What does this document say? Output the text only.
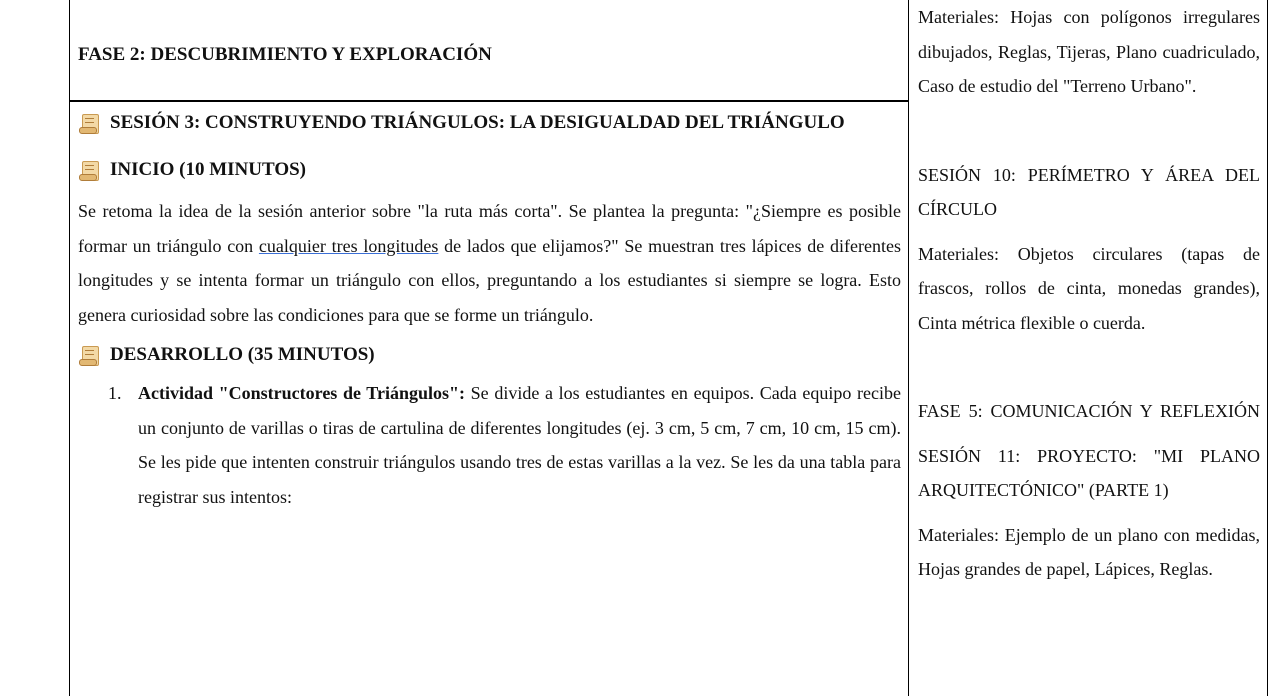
FASE 2: DESCUBRIMIENTO Y EXPLORACIÓN

SESIÓN 3: CONSTRUYENDO TRIÁNGULOS: LA DESIGUALDAD DEL TRIÁNGULO
INICIO (10 MINUTOS)

Se retoma la idea de la sesión anterior sobre "la ruta más corta". Se plantea la pregunta: "¿Siempre es posible formar un triángulo con cualquier tres longitudes de lados que elijamos?" Se muestran tres lápices de diferentes longitudes y se intenta formar un triángulo con ellos, preguntando a los estudiantes si siempre se logra. Esto genera curiosidad sobre las condiciones para que se forme un triángulo.

DESARROLLO (35 MINUTOS)
1. Actividad "Constructores de Triángulos": Se divide a los estudiantes en equipos. Cada equipo recibe un conjunto de varillas o tiras de cartulina de diferentes longitudes (ej. 3 cm, 5 cm, 7 cm, 10 cm, 15 cm). Se les pide que intenten construir triángulos usando tres de estas varillas a la vez. Se les da una tabla para registrar sus intentos:

Materiales: Hojas con polígonos irregulares dibujados, Reglas, Tijeras, Plano cuadriculado, Caso de estudio del "Terreno Urbano".

SESIÓN 10: PERÍMETRO Y ÁREA DEL CÍRCULO

Materiales: Objetos circulares (tapas de frascos, rollos de cinta, monedas grandes), Cinta métrica flexible o cuerda.

FASE 5: COMUNICACIÓN Y REFLEXIÓN

SESIÓN 11: PROYECTO: "MI PLANO ARQUITECTÓNICO" (PARTE 1)

Materiales: Ejemplo de un plano con medidas, Hojas grandes de papel, Lápices, Reglas.
